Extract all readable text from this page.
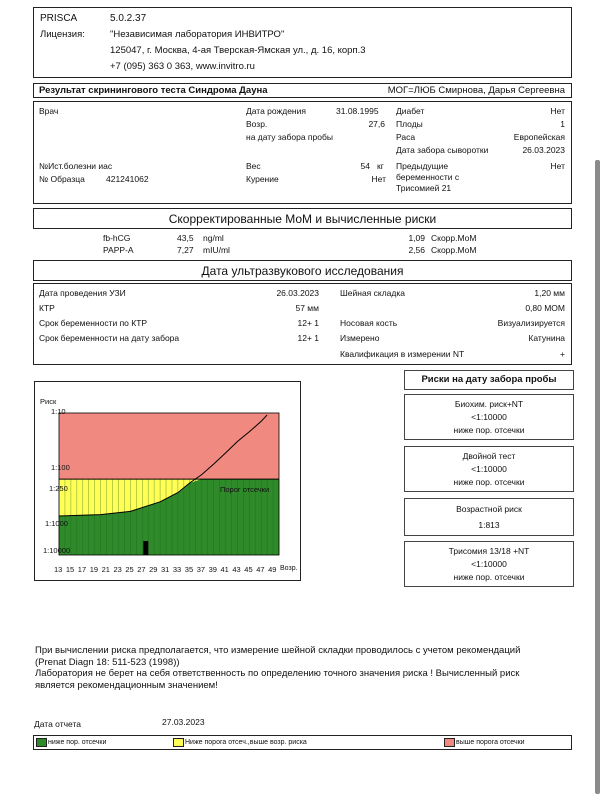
PRISCA	5.0.2.37
Лицензия:	"Независимая лаборатория ИНВИТРО"
125047, г. Москва, 4-ая Тверская-Ямская ул., д. 16, корп.3
+7 (095) 363 0 363, www.invitro.ru
Результат скринингового теста Синдрома Дауна	МОГ=ЛЮБ Смирнова, Дарья Сергеевна
Врач
№Ист.болезни иас
№ Образца 421241062
Дата рождения	31.08.1995
Возр.	27,6
на дату забора пробы
Вес	54 кг
Курение	Нет
Диабет	Нет
Плоды	1
Раса	Европейская
Дата забора сыворотки	26.03.2023
Предыдущие
беременности с
Трисомией 21
Нет
Скорректированные МоМ и вычисленные риски
fb-hCG	43,5 ng/ml	1,09 Скорр.МоМ
PAPP-A	7,27 mIU/ml	2,56 Скорр.МоМ
Дата ультразвукового исследования
Дата проведения УЗИ	26.03.2023
КТР	57 мм
Срок беременности по КТР	12+ 1
Срок беременности на дату забора	12+ 1
Шейная складка	1,20 мм
0,80 МОМ
Носовая кость	Визуализируется
Измерено	Катунина
Квалификация в измерении NT	+
Риск
1:10
1:100
1:250
1:1000
1:10000
Порог отсечки
13 15 17 19 21 23 25 27 29 31 33 35 37 39 41 43 45 47 49 Возр.
Риски на дату забора пробы
Биохим. риск+NT
<1:10000
ниже пор. отсечки
Двойной тест
<1:10000
ниже пор. отсечки
Возрастной риск
1:813
Трисомия 13/18 +NT
<1:10000
ниже пор. отсечки
При вычислении риска предполагается, что измерение шейной складки проводилось с учетом рекомендаций
(Prenat Diagn 18: 511-523 (1998))
Лаборатория не берет на себя ответственность по определению точного значения риска ! Вычисленный риск
является рекомендационным значением!
Дата отчета	27.03.2023
ниже пор. отсечки	Ниже порога отсеч.,выше возр. риска	выше порога отсечки
